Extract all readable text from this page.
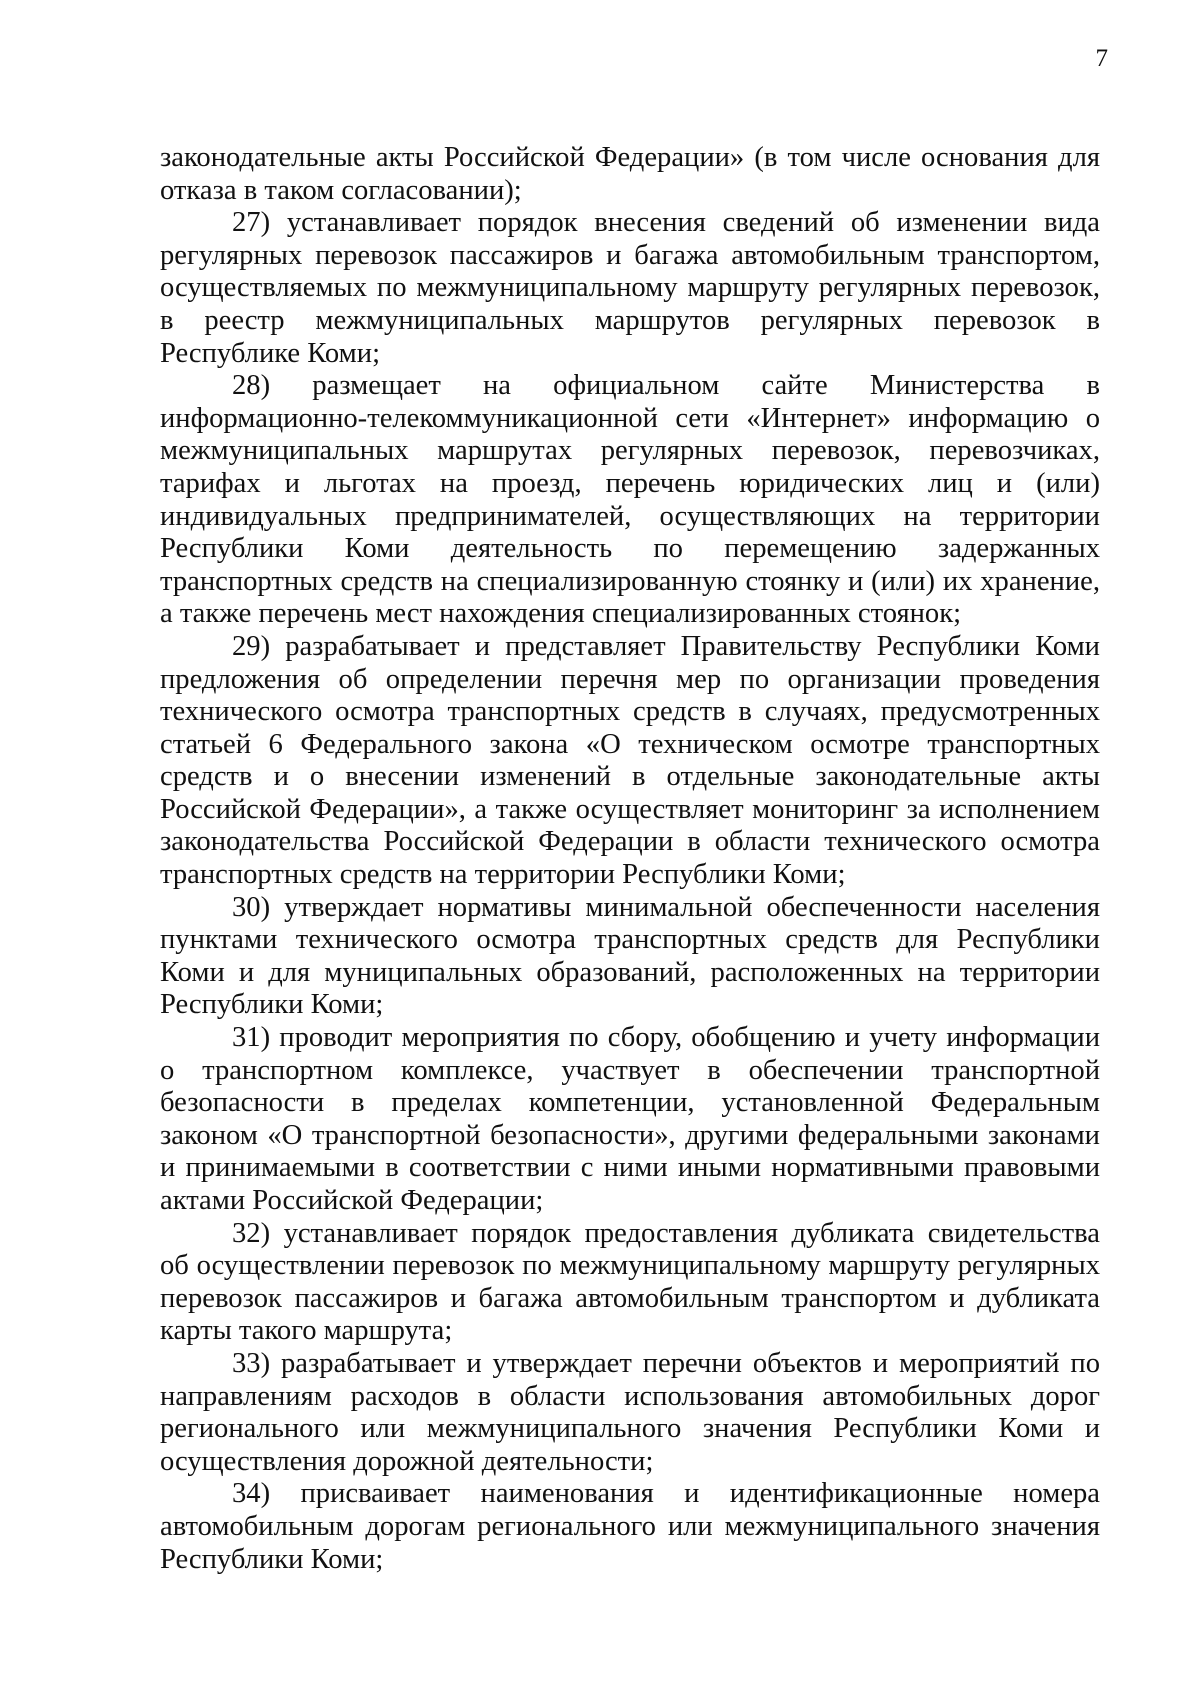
7

законодательные акты Российской Федерации» (в том числе основания для отказа в таком согласовании);

27) устанавливает порядок внесения сведений об изменении вида регулярных перевозок пассажиров и багажа автомобильным транспортом, осуществляемых по межмуниципальному маршруту регулярных перевозок, в реестр межмуниципальных маршрутов регулярных перевозок в Республике Коми;

28) размещает на официальном сайте Министерства в информационно-телекоммуникационной сети «Интернет» информацию о межмуниципальных маршрутах регулярных перевозок, перевозчиках, тарифах и льготах на проезд, перечень юридических лиц и (или) индивидуальных предпринимателей, осуществляющих на территории Республики Коми деятельность по перемещению задержанных транспортных средств на специализированную стоянку и (или) их хранение, а также перечень мест нахождения специализированных стоянок;

29) разрабатывает и представляет Правительству Республики Коми предложения об определении перечня мер по организации проведения технического осмотра транспортных средств в случаях, предусмотренных статьей 6 Федерального закона «О техническом осмотре транспортных средств и о внесении изменений в отдельные законодательные акты Российской Федерации», а также осуществляет мониторинг за исполнением законодательства Российской Федерации в области технического осмотра транспортных средств на территории Республики Коми;

30) утверждает нормативы минимальной обеспеченности населения пунктами технического осмотра транспортных средств для Республики Коми и для муниципальных образований, расположенных на территории Республики Коми;

31) проводит мероприятия по сбору, обобщению и учету информации о транспортном комплексе, участвует в обеспечении транспортной безопасности в пределах компетенции, установленной Федеральным законом «О транспортной безопасности», другими федеральными законами и принимаемыми в соответствии с ними иными нормативными правовыми актами Российской Федерации;

32) устанавливает порядок предоставления дубликата свидетельства об осуществлении перевозок по межмуниципальному маршруту регулярных перевозок пассажиров и багажа автомобильным транспортом и дубликата карты такого маршрута;

33) разрабатывает и утверждает перечни объектов и мероприятий по направлениям расходов в области использования автомобильных дорог регионального или межмуниципального значения Республики Коми и осуществления дорожной деятельности;

34) присваивает наименования и идентификационные номера автомобильным дорогам регионального или межмуниципального значения Республики Коми;
